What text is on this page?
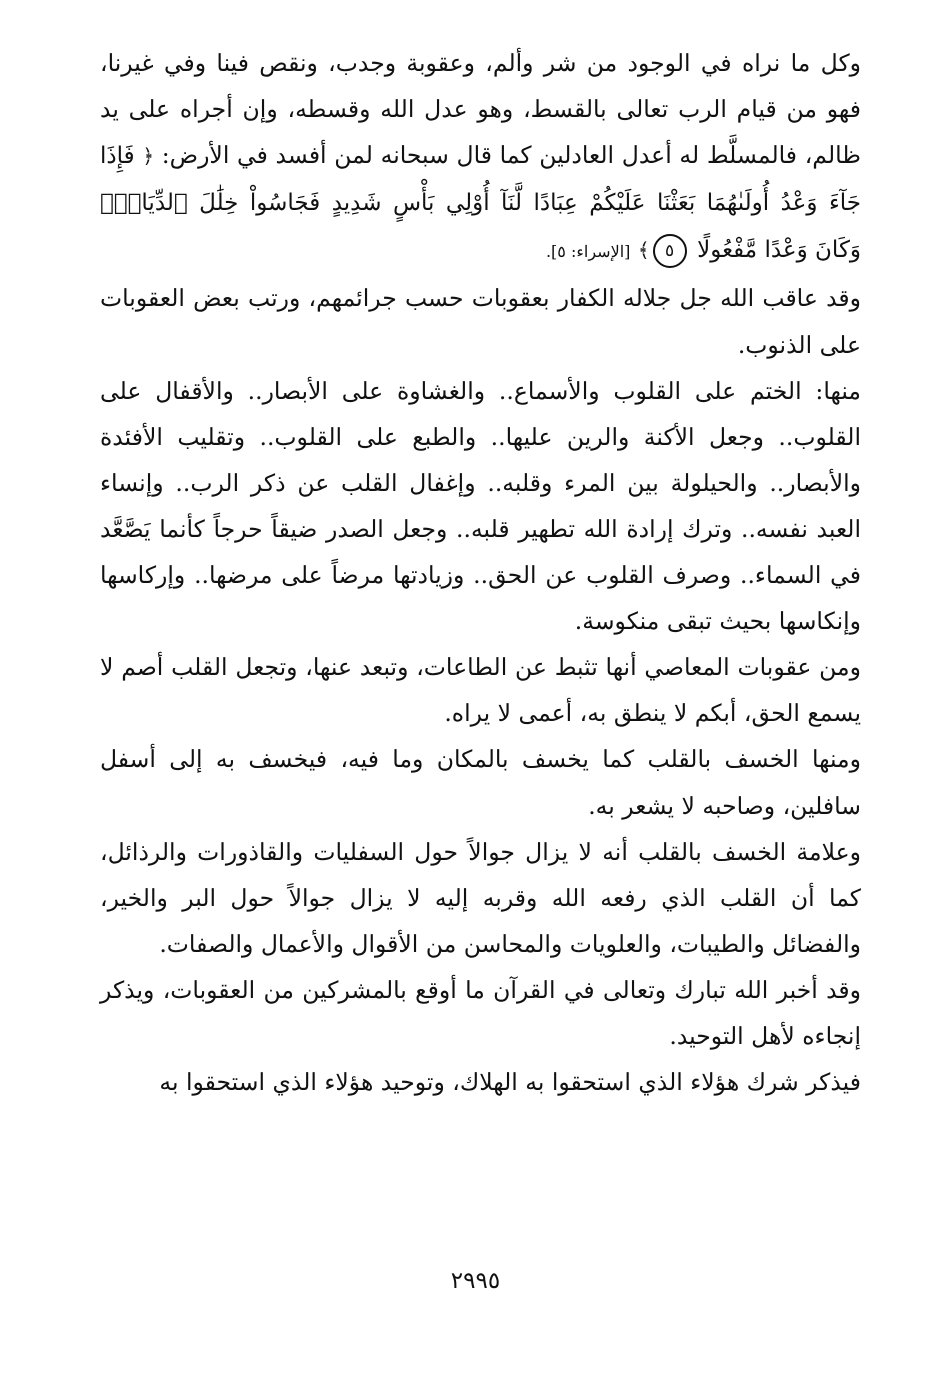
وكل ما نراه في الوجود من شر وألم، وعقوبة وجدب، ونقص فينا وفي غيرنا، فهو من قيام الرب تعالى بالقسط، وهو عدل الله وقسطه، وإن أجراه على يد ظالم، فالمسلَّط له أعدل العادلين كما قال سبحانه لمن أفسد في الأرض: ﴿ فَإِذَا جَآءَ وَعْدُ أُولَىٰهُمَا بَعَثْنَا عَلَيْكُمْ عِبَادًا لَّنَآ أُوْلِي بَأْسٍ شَدِيدٍ فَجَاسُواْ خِلَٰلَ ٱلدِّيَارِۚ وَكَانَ وَعْدًا مَّفْعُولًا ٥﴾ [الإسراء: ٥].

وقد عاقب الله جل جلاله الكفار بعقوبات حسب جرائمهم، ورتب بعض العقوبات على الذنوب.

منها: الختم على القلوب والأسماع.. والغشاوة على الأبصار.. والأقفال على القلوب.. وجعل الأكنة والرين عليها.. والطبع على القلوب.. وتقليب الأفئدة والأبصار.. والحيلولة بين المرء وقلبه.. وإغفال القلب عن ذكر الرب.. وإنساء العبد نفسه.. وترك إرادة الله تطهير قلبه.. وجعل الصدر ضيقاً حرجاً كأنما يَصَّعَّد في السماء.. وصرف القلوب عن الحق.. وزيادتها مرضاً على مرضها.. وإركاسها وإنكاسها بحيث تبقى منكوسة.

ومن عقوبات المعاصي أنها تثبط عن الطاعات، وتبعد عنها، وتجعل القلب أصم لا يسمع الحق، أبكم لا ينطق به، أعمى لا يراه.

ومنها الخسف بالقلب كما يخسف بالمكان وما فيه، فيخسف به إلى أسفل سافلين، وصاحبه لا يشعر به.

وعلامة الخسف بالقلب أنه لا يزال جوالاً حول السفليات والقاذورات والرذائل، كما أن القلب الذي رفعه الله وقربه إليه لا يزال جوالاً حول البر والخير، والفضائل والطيبات، والعلويات والمحاسن من الأقوال والأعمال والصفات.

وقد أخبر الله تبارك وتعالى في القرآن ما أوقع بالمشركين من العقوبات، ويذكر إنجاءه لأهل التوحيد.

فيذكر شرك هؤلاء الذي استحقوا به الهلاك، وتوحيد هؤلاء الذي استحقوا به

٢٩٩٥
